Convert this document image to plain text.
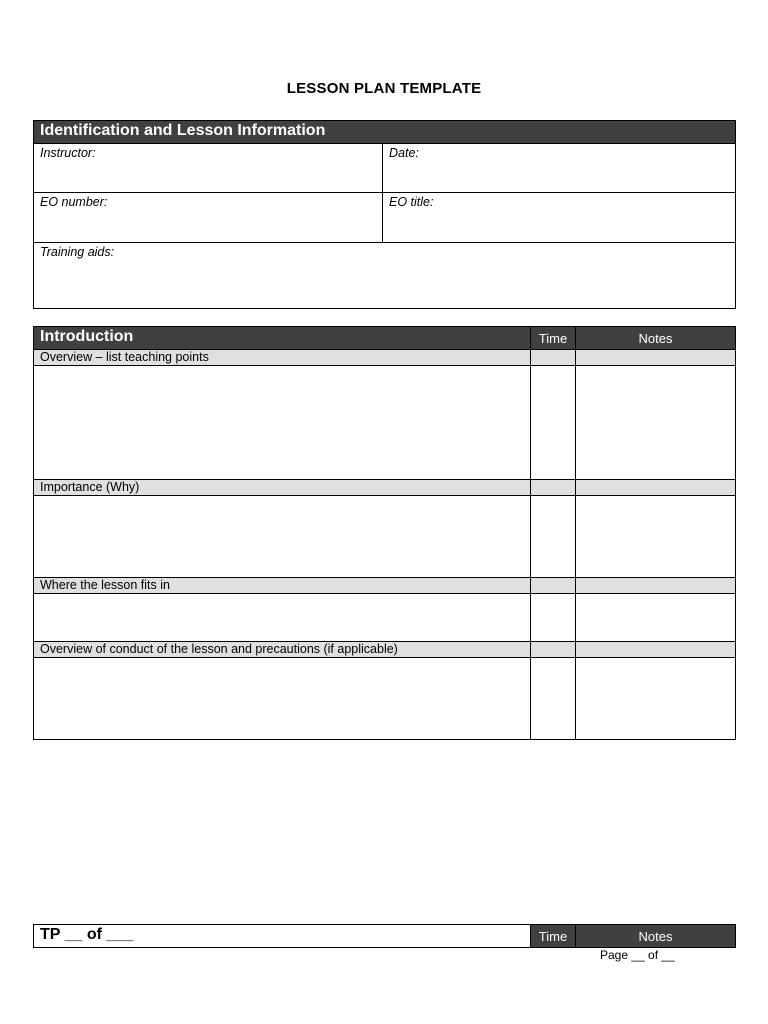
LESSON PLAN TEMPLATE
Identification and Lesson Information	
Instructor:	Date:
EO number:	EO title:
Training aids:	
Introduction	Time	Notes
Overview – list teaching points		

Importance (Why)		

Where the lesson fits in		

Overview of conduct of the lesson and precautions (if applicable)		

TP __ of ___	Time	Notes
Page __ of __
